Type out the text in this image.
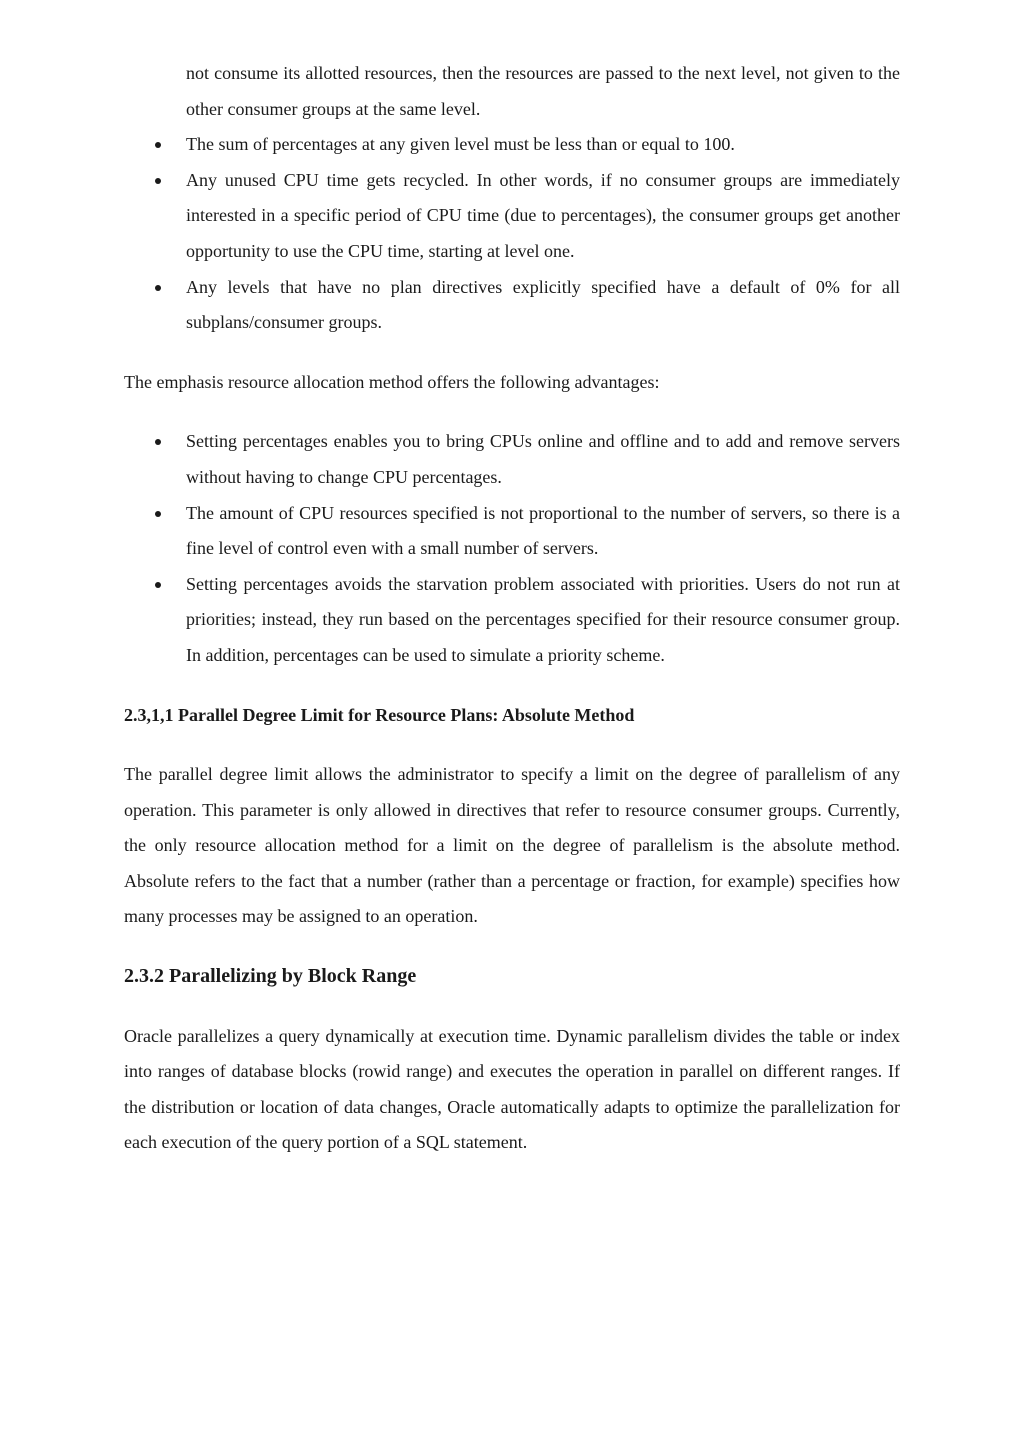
not consume its allotted resources, then the resources are passed to the next level, not given to the other consumer groups at the same level.

The sum of percentages at any given level must be less than or equal to 100.
Any unused CPU time gets recycled. In other words, if no consumer groups are immediately interested in a specific period of CPU time (due to percentages), the consumer groups get another opportunity to use the CPU time, starting at level one.
Any levels that have no plan directives explicitly specified have a default of 0% for all subplans/consumer groups.

The emphasis resource allocation method offers the following advantages:

Setting percentages enables you to bring CPUs online and offline and to add and remove servers without having to change CPU percentages.
The amount of CPU resources specified is not proportional to the number of servers, so there is a fine level of control even with a small number of servers.
Setting percentages avoids the starvation problem associated with priorities. Users do not run at priorities; instead, they run based on the percentages specified for their resource consumer group. In addition, percentages can be used to simulate a priority scheme.

2.3,1,1 Parallel Degree Limit for Resource Plans: Absolute Method

The parallel degree limit allows the administrator to specify a limit on the degree of parallelism of any operation. This parameter is only allowed in directives that refer to resource consumer groups. Currently, the only resource allocation method for a limit on the degree of parallelism is the absolute method. Absolute refers to the fact that a number (rather than a percentage or fraction, for example) specifies how many processes may be assigned to an operation.

2.3.2 Parallelizing by Block Range

Oracle parallelizes a query dynamically at execution time. Dynamic parallelism divides the table or index into ranges of database blocks (rowid range) and executes the operation in parallel on different ranges. If the distribution or location of data changes, Oracle automatically adapts to optimize the parallelization for each execution of the query portion of a SQL statement.
